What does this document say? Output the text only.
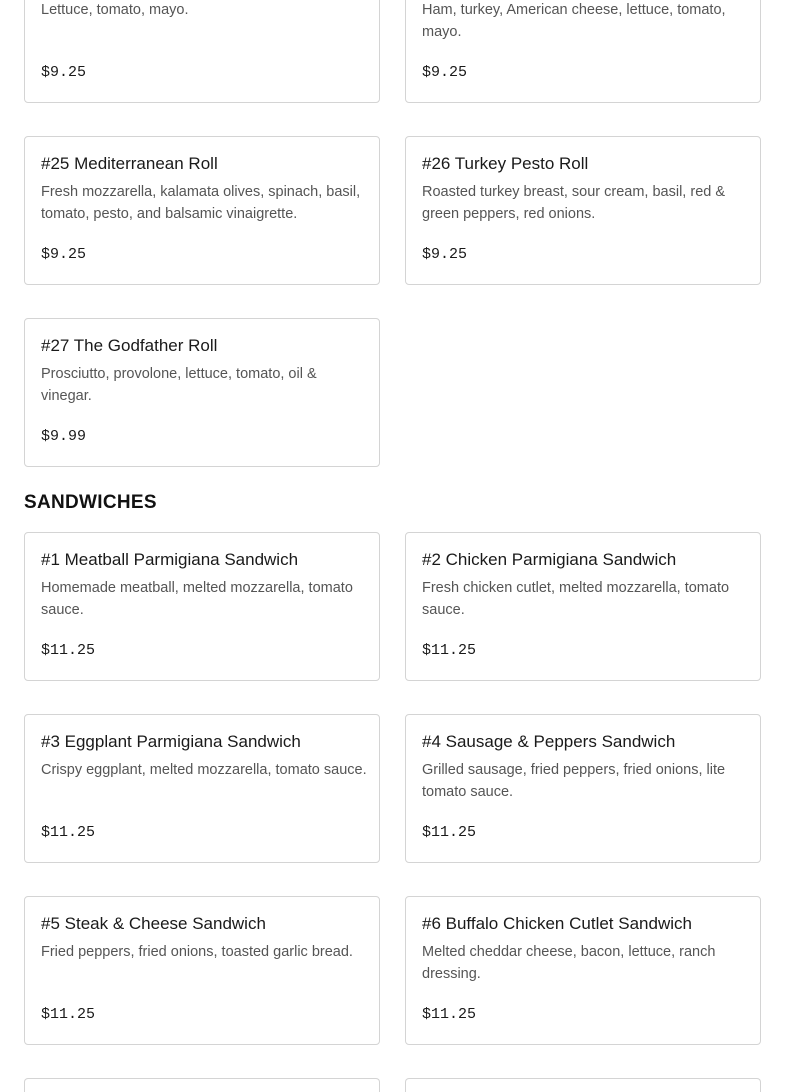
Lettuce, tomato, mayo.
$9.25
Ham, turkey, American cheese, lettuce, tomato, mayo.
$9.25
#25 Mediterranean Roll
Fresh mozzarella, kalamata olives, spinach, basil, tomato, pesto, and balsamic vinaigrette.
$9.25
#26 Turkey Pesto Roll
Roasted turkey breast, sour cream, basil, red & green peppers, red onions.
$9.25
#27 The Godfather Roll
Prosciutto, provolone, lettuce, tomato, oil & vinegar.
$9.99
SANDWICHES
#1 Meatball Parmigiana Sandwich
Homemade meatball, melted mozzarella, tomato sauce.
$11.25
#2 Chicken Parmigiana Sandwich
Fresh chicken cutlet, melted mozzarella, tomato sauce.
$11.25
#3 Eggplant Parmigiana Sandwich
Crispy eggplant, melted mozzarella, tomato sauce.
$11.25
#4 Sausage & Peppers Sandwich
Grilled sausage, fried peppers, fried onions, lite tomato sauce.
$11.25
#5 Steak & Cheese Sandwich
Fried peppers, fried onions, toasted garlic bread.
$11.25
#6 Buffalo Chicken Cutlet Sandwich
Melted cheddar cheese, bacon, lettuce, ranch dressing.
$11.25
